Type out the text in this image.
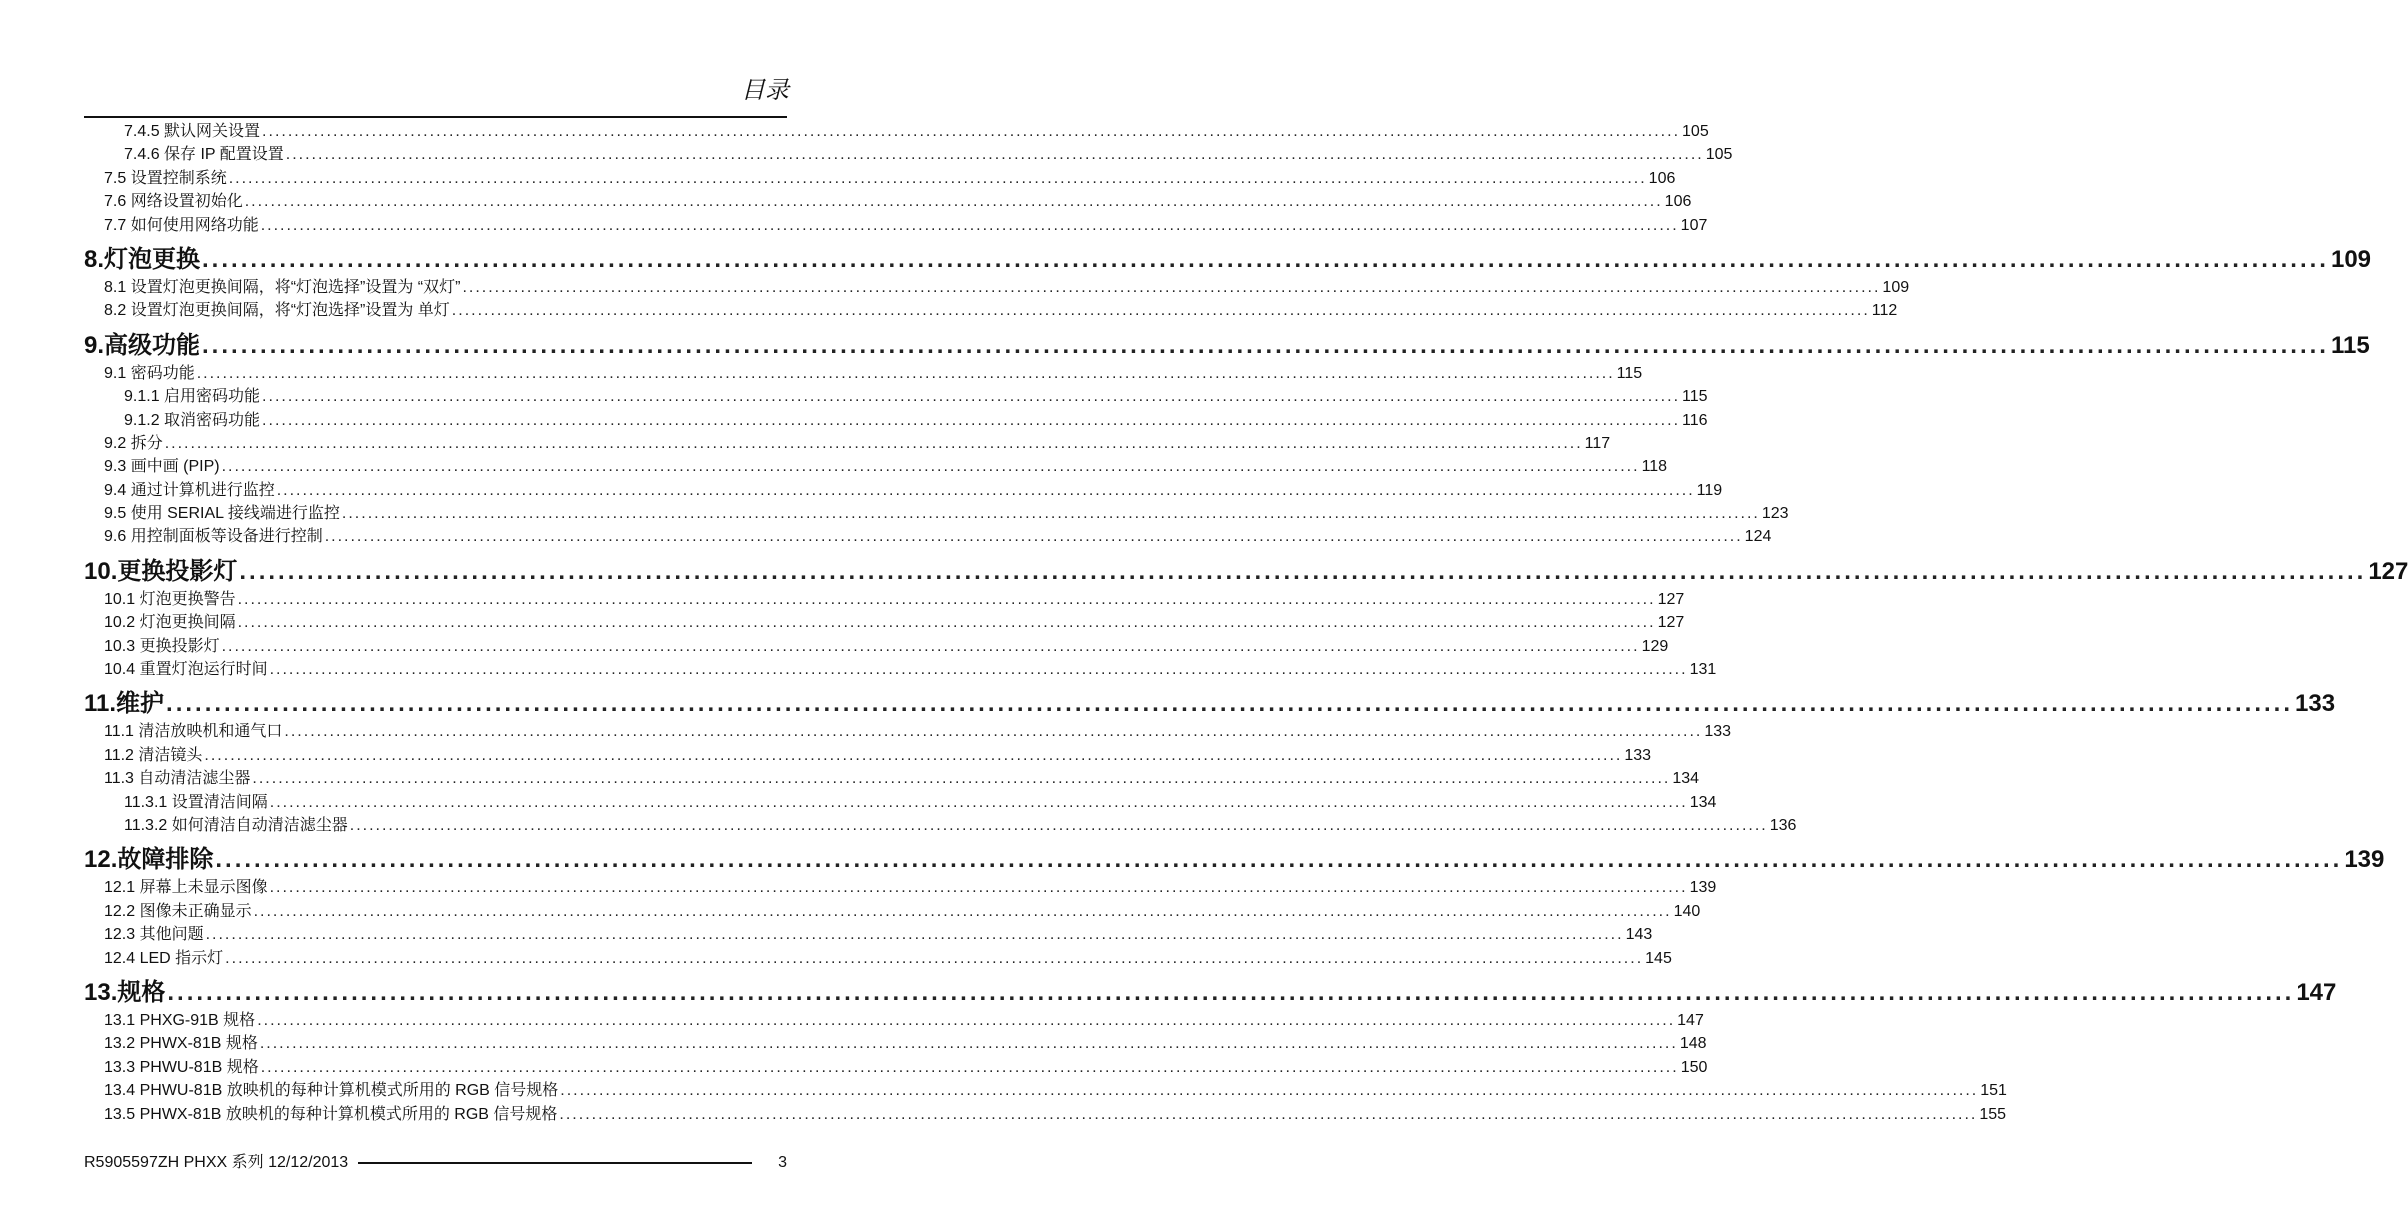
目录
7.4.5 默认网关设置 ............................................................................................................................................................................................................................ 105
7.4.6 保存 IP 配置设置 ............................................................................................................................................................................................................................ 105
7.5 设置控制系统 ............................................................................................................................................................................................................................ 106
7.6 网络设置初始化 ............................................................................................................................................................................................................................ 106
7.7 如何使用网络功能 ............................................................................................................................................................................................................................ 107
8.灯泡更换 ............................................................................................................................................................................................................................ 109
8.1 设置灯泡更换间隔，将“灯泡选择”设置为 “双灯” ............................................................................................................................................................................................................................ 109
8.2 设置灯泡更换间隔，将“灯泡选择”设置为 单灯 ............................................................................................................................................................................................................................ 112
9.高级功能 ............................................................................................................................................................................................................................ 115
9.1 密码功能 ............................................................................................................................................................................................................................ 115
9.1.1 启用密码功能 ............................................................................................................................................................................................................................ 115
9.1.2 取消密码功能 ............................................................................................................................................................................................................................ 116
9.2 拆分 ............................................................................................................................................................................................................................ 117
9.3 画中画 (PIP) ............................................................................................................................................................................................................................ 118
9.4 通过计算机进行监控 ............................................................................................................................................................................................................................ 119
9.5 使用 SERIAL 接线端进行监控 ............................................................................................................................................................................................................................ 123
9.6 用控制面板等设备进行控制 ............................................................................................................................................................................................................................ 124
10.更换投影灯 ............................................................................................................................................................................................................................ 127
10.1 灯泡更换警告 ............................................................................................................................................................................................................................ 127
10.2 灯泡更换间隔 ............................................................................................................................................................................................................................ 127
10.3 更换投影灯 ............................................................................................................................................................................................................................ 129
10.4 重置灯泡运行时间 ............................................................................................................................................................................................................................ 131
11.维护 ............................................................................................................................................................................................................................ 133
11.1 清洁放映机和通气口 ............................................................................................................................................................................................................................ 133
11.2 清洁镜头 ............................................................................................................................................................................................................................ 133
11.3 自动清洁滤尘器 ............................................................................................................................................................................................................................ 134
11.3.1 设置清洁间隔 ............................................................................................................................................................................................................................ 134
11.3.2 如何清洁自动清洁滤尘器 ............................................................................................................................................................................................................................ 136
12.故障排除 ............................................................................................................................................................................................................................ 139
12.1 屏幕上未显示图像 ............................................................................................................................................................................................................................ 139
12.2 图像未正确显示 ............................................................................................................................................................................................................................ 140
12.3 其他问题 ............................................................................................................................................................................................................................ 143
12.4 LED 指示灯 ............................................................................................................................................................................................................................ 145
13.规格 ............................................................................................................................................................................................................................ 147
13.1 PHXG-91B 规格 ............................................................................................................................................................................................................................ 147
13.2 PHWX-81B 规格 ............................................................................................................................................................................................................................ 148
13.3 PHWU-81B 规格 ............................................................................................................................................................................................................................ 150
13.4 PHWU-81B 放映机的每种计算机模式所用的 RGB 信号规格 ............................................................................................................................................................................................................................ 151
13.5 PHWX-81B 放映机的每种计算机模式所用的 RGB 信号规格 ............................................................................................................................................................................................................................ 155
R5905597ZH PHXX 系列 12/12/2013	3
